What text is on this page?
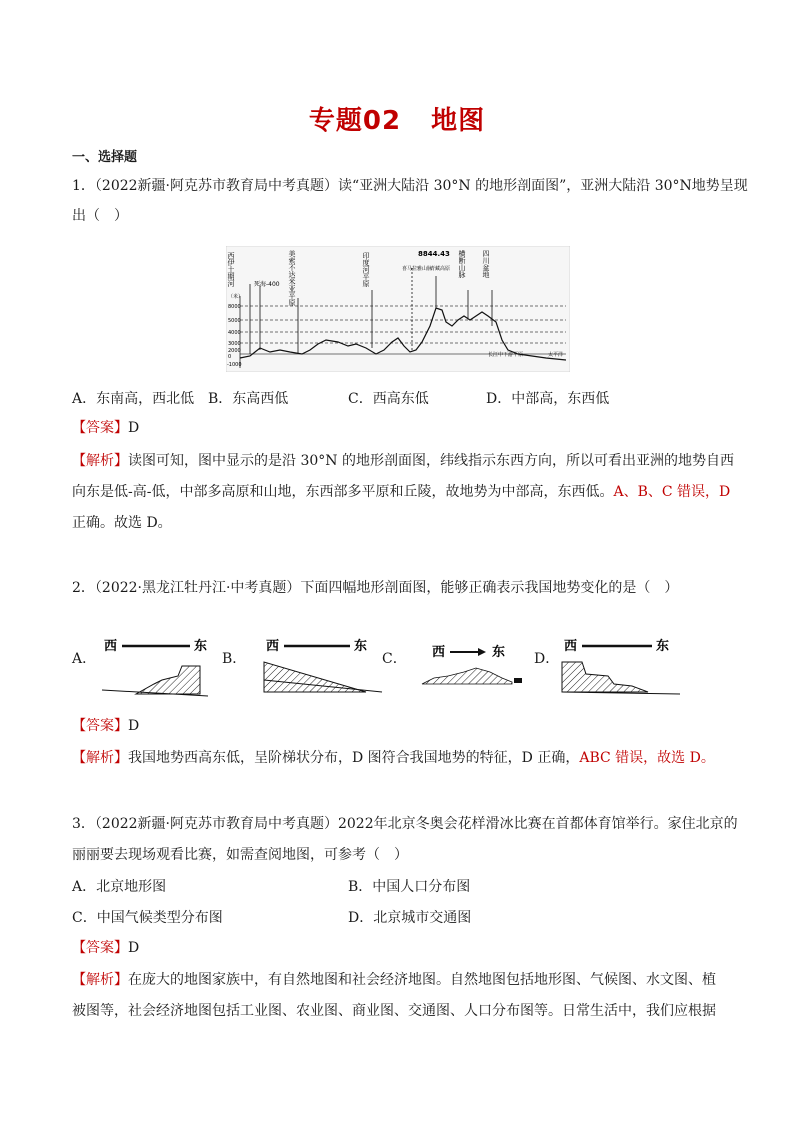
专题02 地图
一、选择题
1．（2022新疆·阿克苏市教育局中考真题）读“亚洲大陆沿 30°N 的地形剖面图”，亚洲大陆沿 30°N地势呈现
出（　）
（米）
8000
5000
4000
3000
2000
0
-1000
西伊土期河	死海-400 美索不达米亚平原	印度河平原	8844.43
喜马拉雅山脉
青藏高原 横断山脉 四川盆地
长江中下游平原	太平洋
A．东南高，西北低 B．东高西低	C．西高东低	D．中部高，东西低
【答案】D
【解析】读图可知，图中显示的是沿 30°N 的地形剖面图，纬线指示东西方向，所以可看出亚洲的地势自西
向东是低-高-低，中部多高原和山地，东西部多平原和丘陵，故地势为中部高，东西低。A、B、C 错误，D
正确。故选 D。
2．（2022·黑龙江牡丹江·中考真题）下面四幅地形剖面图，能够正确表示我国地势变化的是（　）
A．
西	东
B．
西	东
C． 西	东 D．
西	东
【答案】D
【解析】我国地势西高东低，呈阶梯状分布，D 图符合我国地势的特征，D 正确，ABC 错误，故选 D。
3．（2022新疆·阿克苏市教育局中考真题）2022年北京冬奥会花样滑冰比赛在首都体育馆举行。家住北京的
丽丽要去现场观看比赛，如需查阅地图，可参考（　）
A．北京地形图	B．中国人口分布图
C．中国气候类型分布图	D．北京城市交通图
【答案】D
【解析】在庞大的地图家族中，有自然地图和社会经济地图。自然地图包括地形图、气候图、水文图、植
被图等，社会经济地图包括工业图、农业图、商业图、交通图、人口分布图等。日常生活中，我们应根据
